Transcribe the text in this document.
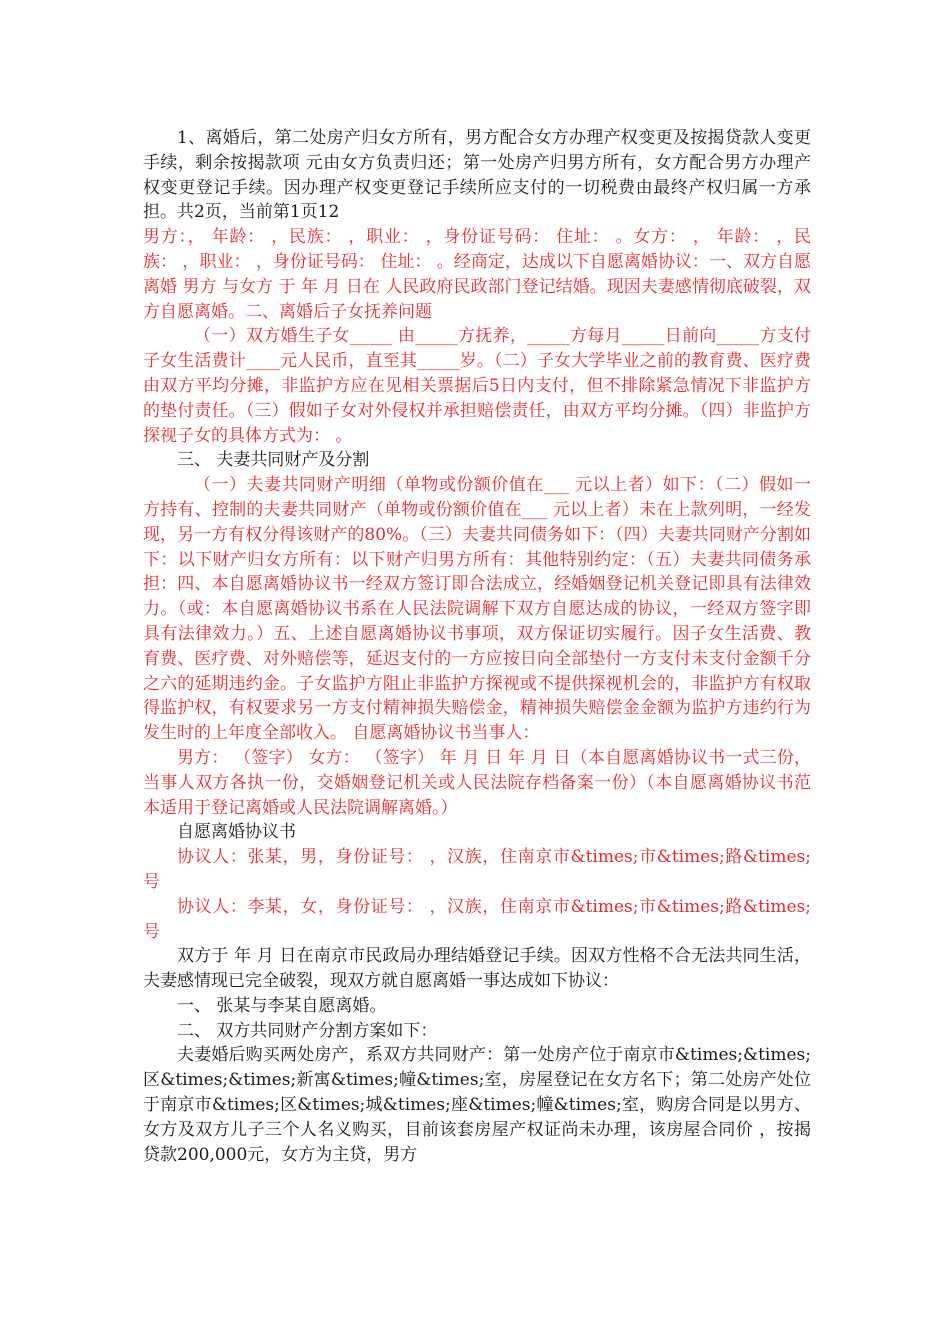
1、离婚后，第二处房产归女方所有，男方配合女方办理产权变更及按揭贷款人变更手续，剩余按揭款项 元由女方负责归还；第一处房产归男方所有，女方配合男方办理产权变更登记手续。因办理产权变更登记手续所应支付的一切税费由最终产权归属一方承担。共2页，当前第1页12

男方：， 年龄： ，民族： ，职业： ，身份证号码： 住址： 。女方： ， 年龄： ，民族： ，职业： ，身份证号码： 住址： 。经商定，达成以下自愿离婚协议：一、双方自愿离婚 男方 与女方 于 年 月 日在 人民政府民政部门登记结婚。现因夫妻感情彻底破裂，双方自愿离婚。二、离婚后子女抚养问题

（一）双方婚生子女_____ 由_____方抚养，_____方每月_____日前向_____方支付子女生活费计____元人民币，直至其_____岁。（二）子女大学毕业之前的教育费、医疗费由双方平均分摊，非监护方应在见相关票据后5日内支付，但不排除紧急情况下非监护方的垫付责任。（三）假如子女对外侵权并承担赔偿责任，由双方平均分摊。（四）非监护方探视子女的具体方式为： 。

三、 夫妻共同财产及分割

（一）夫妻共同财产明细（单物或份额价值在___ 元以上者）如下：（二）假如一方持有、控制的夫妻共同财产（单物或份额价值在___ 元以上者）未在上款列明，一经发现，另一方有权分得该财产的80%。（三）夫妻共同债务如下：（四）夫妻共同财产分割如下：以下财产归女方所有：以下财产归男方所有：其他特别约定：（五）夫妻共同债务承担：四、本自愿离婚协议书一经双方签订即合法成立，经婚姻登记机关登记即具有法律效力。（或：本自愿离婚协议书系在人民法院调解下双方自愿达成的协议，一经双方签字即具有法律效力。）五、上述自愿离婚协议书事项，双方保证切实履行。因子女生活费、教育费、医疗费、对外赔偿等，延迟支付的一方应按日向全部垫付一方支付未支付金额千分之六的延期违约金。子女监护方阻止非监护方探视或不提供探视机会的，非监护方有权取得监护权，有权要求另一方支付精神损失赔偿金，精神损失赔偿金金额为监护方违约行为发生时的上年度全部收入。 自愿离婚协议书当事人：

男方： （签字） 女方： （签字） 年 月 日 年 月 日（本自愿离婚协议书一式三份，当事人双方各执一份，交婚姻登记机关或人民法院存档备案一份）（本自愿离婚协议书范本适用于登记离婚或人民法院调解离婚。）

自愿离婚协议书

协议人：张某，男，身份证号： ，汉族，住南京市&times;市&times;路&times;号

协议人：李某，女，身份证号： ，汉族，住南京市&times;市&times;路&times;号

双方于 年 月 日在南京市民政局办理结婚登记手续。因双方性格不合无法共同生活，夫妻感情现已完全破裂，现双方就自愿离婚一事达成如下协议：

一、 张某与李某自愿离婚。

二、 双方共同财产分割方案如下：

夫妻婚后购买两处房产，系双方共同财产：第一处房产位于南京市&times;&times;区&times;&times;新寓&times;幢&times;室，房屋登记在女方名下；第二处房产处位于南京市&times;区&times;城&times;座&times;幢&times;室，购房合同是以男方、女方及双方儿子三个人名义购买，目前该套房屋产权证尚未办理，该房屋合同价 ，按揭贷款200,000元，女方为主贷，男方
